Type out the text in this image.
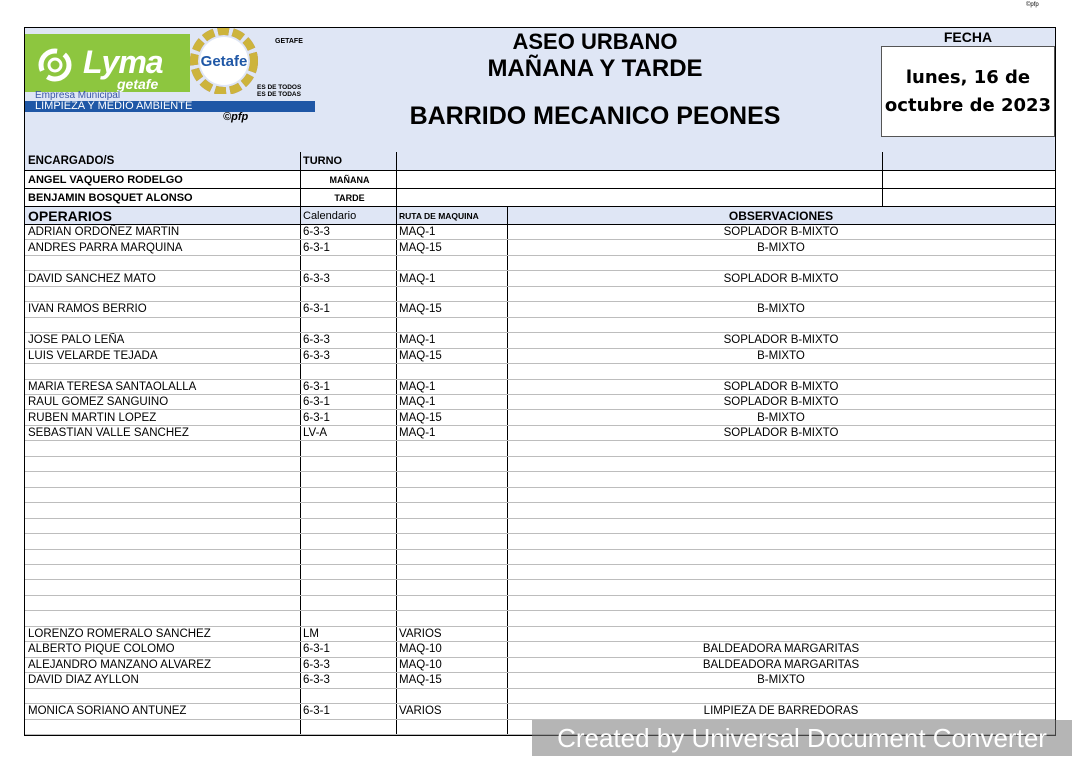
©pfp
Lyma
getafe
Empresa Municipal
LIMPIEZA Y MEDIO AMBIENTE
©pfp
Getafe
GETAFE
ES DE TODOS
ES DE TODAS
ASEO URBANO
MAÑANA Y TARDE
BARRIDO MECANICO PEONES
FECHA
lunes, 16 de
octubre de 2023
ENCARGADO/S	TURNO
ANGEL VAQUERO RODELGO	MAÑANA
BENJAMIN BOSQUET ALONSO	TARDE
OPERARIOS	Calendario	RUTA DE MAQUINA	OBSERVACIONES
ADRIAN ORDOÑEZ MARTIN	6-3-3	MAQ-1	SOPLADOR B-MIXTO
ANDRES PARRA MARQUINA	6-3-1	MAQ-15	B-MIXTO
DAVID SANCHEZ MATO	6-3-3	MAQ-1	SOPLADOR B-MIXTO
IVAN RAMOS BERRIO	6-3-1	MAQ-15	B-MIXTO
JOSE PALO LEÑA	6-3-3	MAQ-1	SOPLADOR B-MIXTO
LUIS VELARDE TEJADA	6-3-3	MAQ-15	B-MIXTO
MARIA TERESA SANTAOLALLA	6-3-1	MAQ-1	SOPLADOR B-MIXTO
RAUL GOMEZ SANGUINO	6-3-1	MAQ-1	SOPLADOR B-MIXTO
RUBEN MARTIN LOPEZ	6-3-1	MAQ-15	B-MIXTO
SEBASTIAN VALLE SANCHEZ	LV-A	MAQ-1	SOPLADOR B-MIXTO
LORENZO ROMERALO SANCHEZ	LM	VARIOS
ALBERTO PIQUE COLOMO	6-3-1	MAQ-10	BALDEADORA MARGARITAS
ALEJANDRO MANZANO ALVAREZ	6-3-3	MAQ-10	BALDEADORA MARGARITAS
DAVID DIAZ AYLLON	6-3-3	MAQ-15	B-MIXTO
MONICA SORIANO ANTUNEZ	6-3-1	VARIOS	LIMPIEZA DE BARREDORAS
Created by Universal Document Converter
